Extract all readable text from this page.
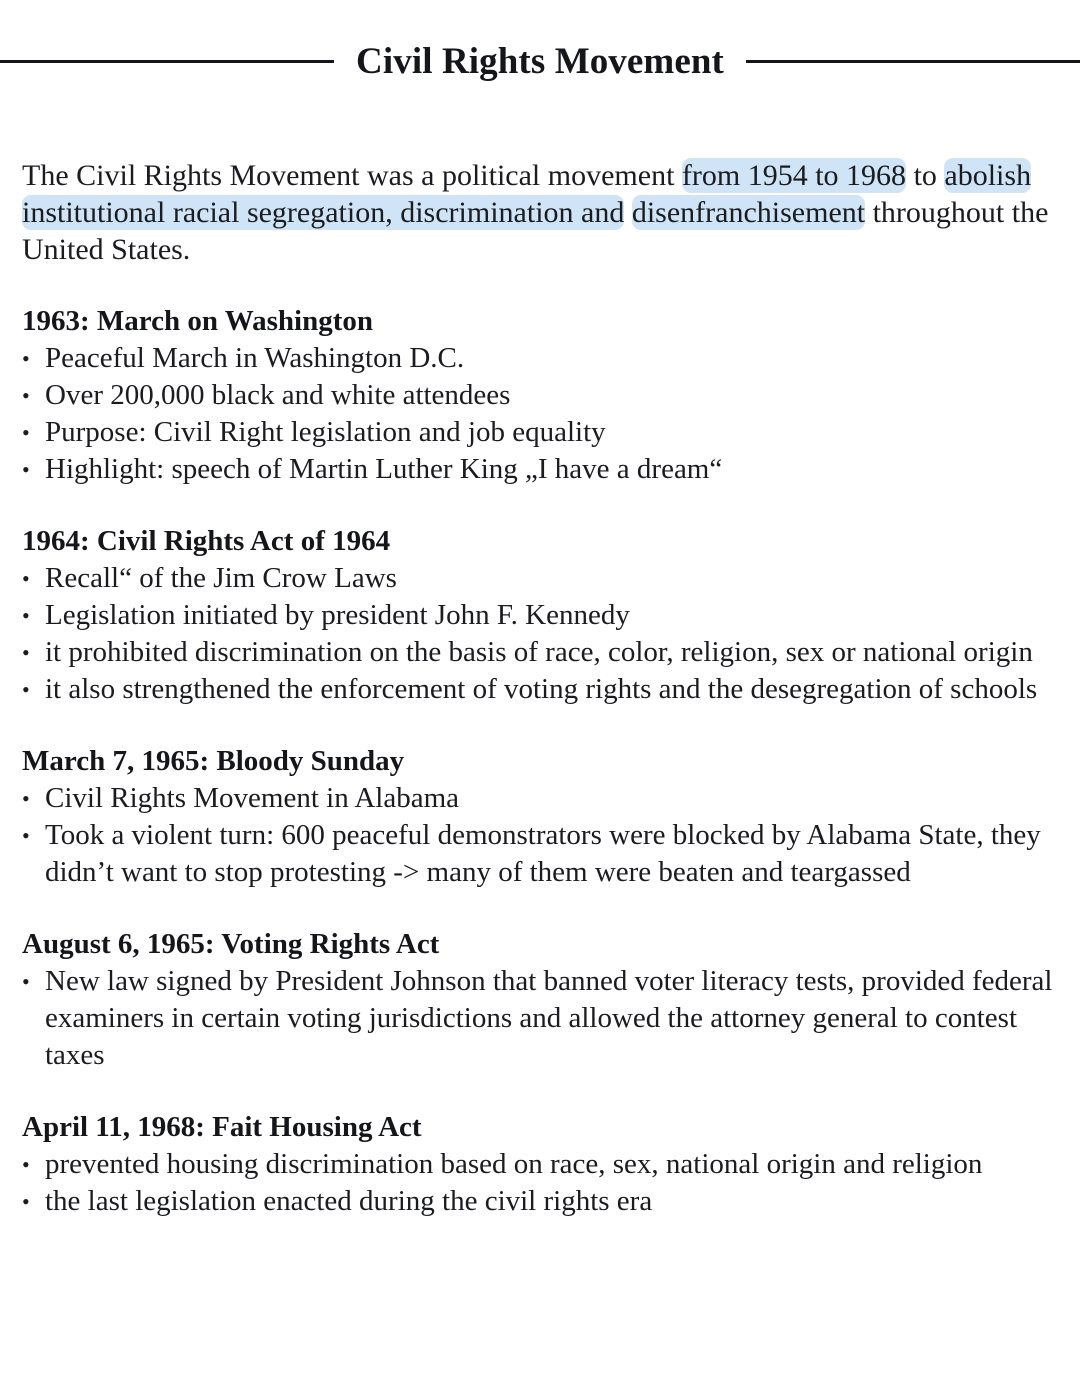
Civil Rights Movement

The Civil Rights Movement was a political movement from 1954 to 1968 to abolish institutional racial segregation, discrimination and disenfranchisement throughout the United States.

1963: March on Washington
• Peaceful March in Washington D.C.
• Over 200,000 black and white attendees
• Purpose: Civil Right legislation and job equality
• Highlight: speech of Martin Luther King „I have a dream“
1964: Civil Rights Act of 1964
• Recall“ of the Jim Crow Laws
• Legislation initiated by president John F. Kennedy
• it prohibited discrimination on the basis of race, color, religion, sex or national origin
• it also strengthened the enforcement of voting rights and the desegregation of schools
March 7, 1965: Bloody Sunday
• Civil Rights Movement in Alabama
• Took a violent turn: 600 peaceful demonstrators were blocked by Alabama State, they didn’t want to stop protesting -> many of them were beaten and teargassed
August 6, 1965: Voting Rights Act
• New law signed by President Johnson that banned voter literacy tests, provided federal examiners in certain voting jurisdictions and allowed the attorney general to contest taxes
April 11, 1968: Fait Housing Act
• prevented housing discrimination based on race, sex, national origin and religion
• the last legislation enacted during the civil rights era
